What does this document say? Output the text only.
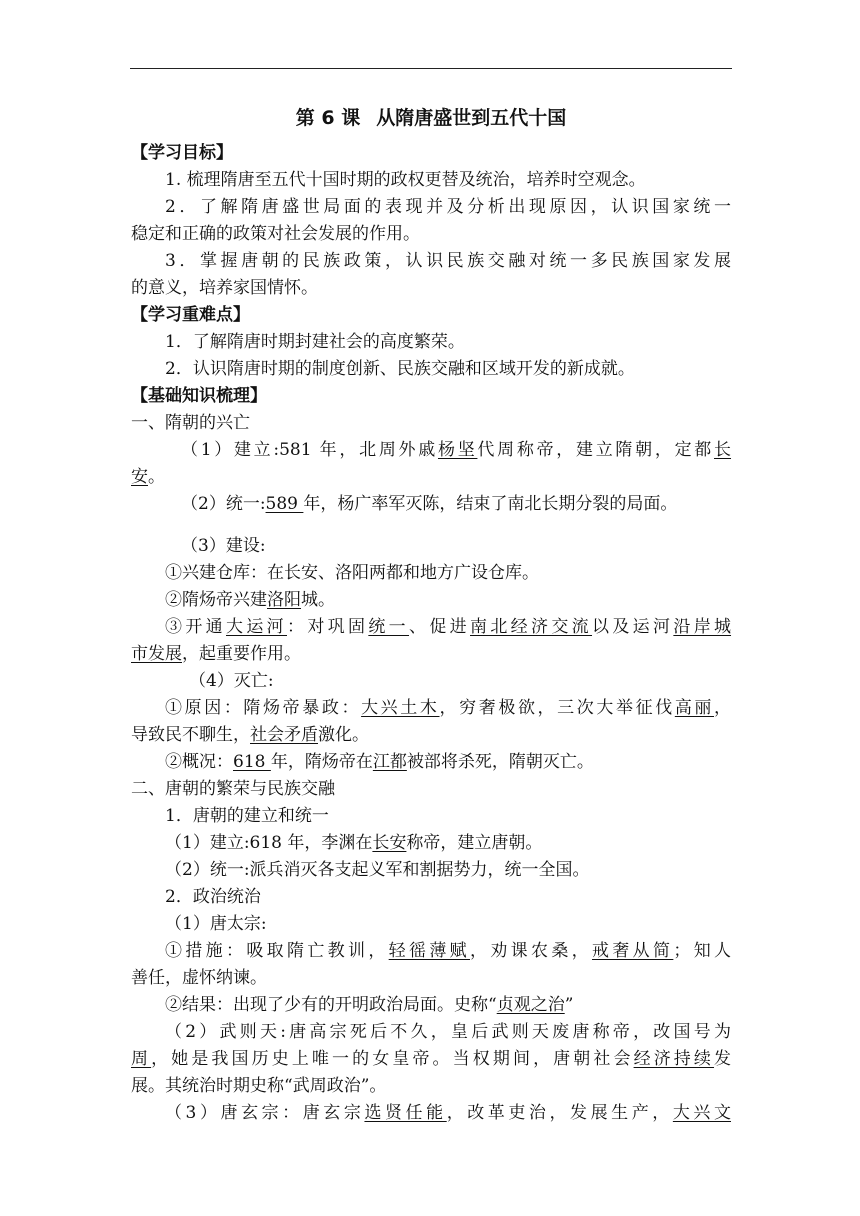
第 6 课 从隋唐盛世到五代十国
【学习目标】
1. 梳理隋唐至五代十国时期的政权更替及统治，培养时空观念。
2．了解隋唐盛世局面的表现并及分析出现原因，认识国家统一
稳定和正确的政策对社会发展的作用。
3．掌握唐朝的民族政策，认识民族交融对统一多民族国家发展
的意义，培养家国情怀。
【学习重难点】
1．了解隋唐时期封建社会的高度繁荣。
2．认识隋唐时期的制度创新、民族交融和区域开发的新成就。
【基础知识梳理】
一、隋朝的兴亡
（1）建立:581 年，北周外戚杨坚代周称帝，建立隋朝，定都长
安。
（2）统一:589 年，杨广率军灭陈，结束了南北长期分裂的局面。
（3）建设:
①兴建仓库：在长安、洛阳两都和地方广设仓库。
②隋炀帝兴建洛阳城。
③开通大运河：对巩固统一、促进南北经济交流以及运河沿岸城
市发展，起重要作用。
（4）灭亡:
①原因：隋炀帝暴政：大兴土木，穷奢极欲，三次大举征伐高丽，
导致民不聊生，社会矛盾激化。
②概况：618 年，隋炀帝在江都被部将杀死，隋朝灭亡。
二、唐朝的繁荣与民族交融
1．唐朝的建立和统一
（1）建立:618 年，李渊在长安称帝，建立唐朝。
（2）统一:派兵消灭各支起义军和割据势力，统一全国。
2．政治统治
（1）唐太宗:
①措施：吸取隋亡教训，轻徭薄赋，劝课农桑，戒奢从简；知人
善任，虚怀纳谏。
②结果：出现了少有的开明政治局面。史称“贞观之治”
（2）武则天:唐高宗死后不久，皇后武则天废唐称帝，改国号为
周，她是我国历史上唯一的女皇帝。当权期间，唐朝社会经济持续发
展。其统治时期史称“武周政治”。
（3）唐玄宗：唐玄宗选贤任能，改革吏治，发展生产，大兴文
